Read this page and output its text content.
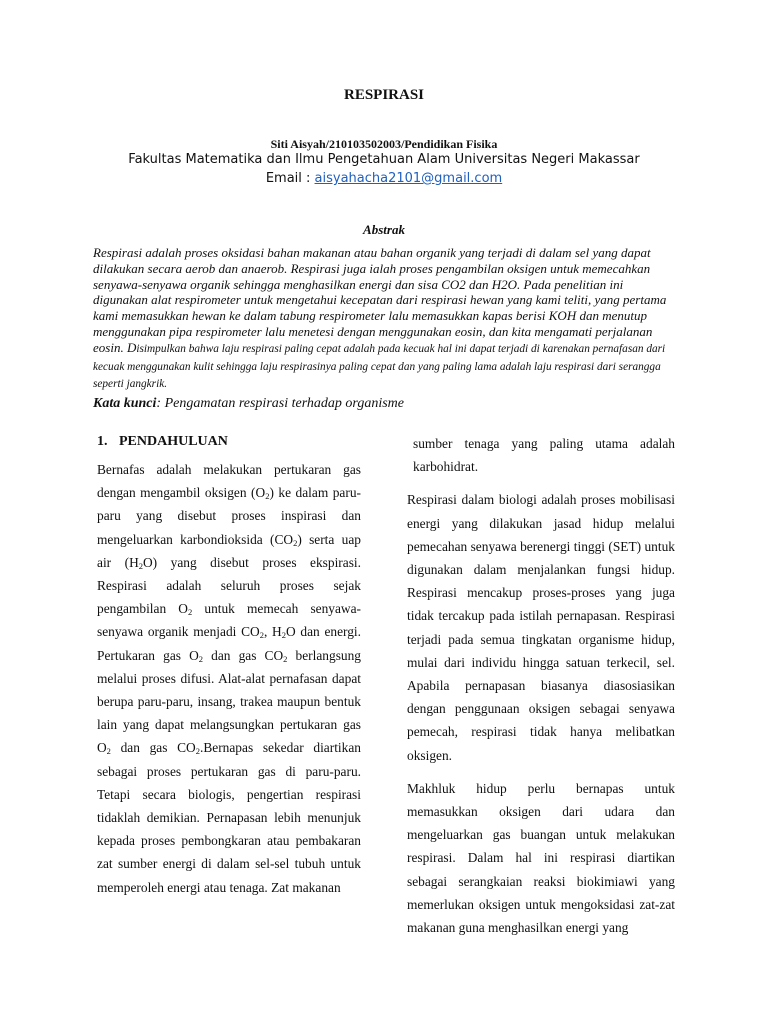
RESPIRASI
Siti Aisyah/210103502003/Pendidikan Fisika
Fakultas Matematika dan Ilmu Pengetahuan Alam Universitas Negeri Makassar
Email : aisyahacha2101@gmail.com
Abstrak
Respirasi adalah proses oksidasi bahan makanan atau bahan organik yang terjadi di dalam sel yang dapat dilakukan secara aerob dan anaerob. Respirasi juga ialah proses pengambilan oksigen untuk memecahkan senyawa-senyawa organik sehingga menghasilkan energi dan sisa CO2 dan H2O. Pada penelitian ini digunakan alat respirometer untuk mengetahui kecepatan dari respirasi hewan yang kami teliti, yang pertama kami memasukkan hewan ke dalam tabung respirometer lalu memasukkan kapas berisi KOH dan menutup menggunakan pipa respirometer lalu menetesi dengan menggunakan eosin, dan kita mengamati perjalanan eosin. Disimpulkan bahwa laju respirasi paling cepat adalah pada kecuak hal ini dapat terjadi di karenakan pernafasan dari kecuak menggunakan kulit sehingga laju respirasinya paling cepat dan yang paling lama adalah laju respirasi dari serangga seperti jangkrik.
Kata kunci: Pengamatan respirasi terhadap organisme
1. PENDAHULUAN

Bernafas adalah melakukan pertukaran gas dengan mengambil oksigen $(O_2)$ ke dalam paru-paru yang disebut proses inspirasi dan mengeluarkan karbondioksida $(CO_2)$ serta uap air $(H_2O)$ yang disebut proses ekspirasi. Respirasi adalah seluruh proses sejak pengambilan $O_2$ untuk memecah senyawa-senyawa organik menjadi $CO_2$, $H_2O$ dan energi. Pertukaran gas $O_2$ dan gas $CO_2$ berlangsung melalui proses difusi. Alat-alat pernafasan dapat berupa paru-paru, insang, trakea maupun bentuk lain yang dapat melangsungkan pertukaran gas $O_2$ dan gas $CO_2.Bernapas$ sekedar diartikan sebagai proses pertukaran gas di paru-paru. Tetapi secara biologis, pengertian respirasi tidaklah demikian. Pernapasan lebih menunjuk kepada proses pembongkaran atau pembakaran zat sumber energi di dalam sel-sel tubuh untuk memperoleh energi atau tenaga. Zat makanan

sumber tenaga yang paling utama adalah karbohidrat.

Respirasi dalam biologi adalah proses mobilisasi energi yang dilakukan jasad hidup melalui pemecahan senyawa berenergi tinggi (SET) untuk digunakan dalam menjalankan fungsi hidup. Respirasi mencakup proses-proses yang juga tidak tercakup pada istilah pernapasan. Respirasi terjadi pada semua tingkatan organisme hidup, mulai dari individu hingga satuan terkecil, sel. Apabila pernapasan biasanya diasosiasikan dengan penggunaan oksigen sebagai senyawa pemecah, respirasi tidak hanya melibatkan oksigen.

Makhluk hidup perlu bernapas untuk memasukkan oksigen dari udara dan mengeluarkan gas buangan untuk melakukan respirasi. Dalam hal ini respirasi diartikan sebagai serangkaian reaksi biokimiawi yang memerlukan oksigen untuk mengoksidasi zat-zat makanan guna menghasilkan energi yang
